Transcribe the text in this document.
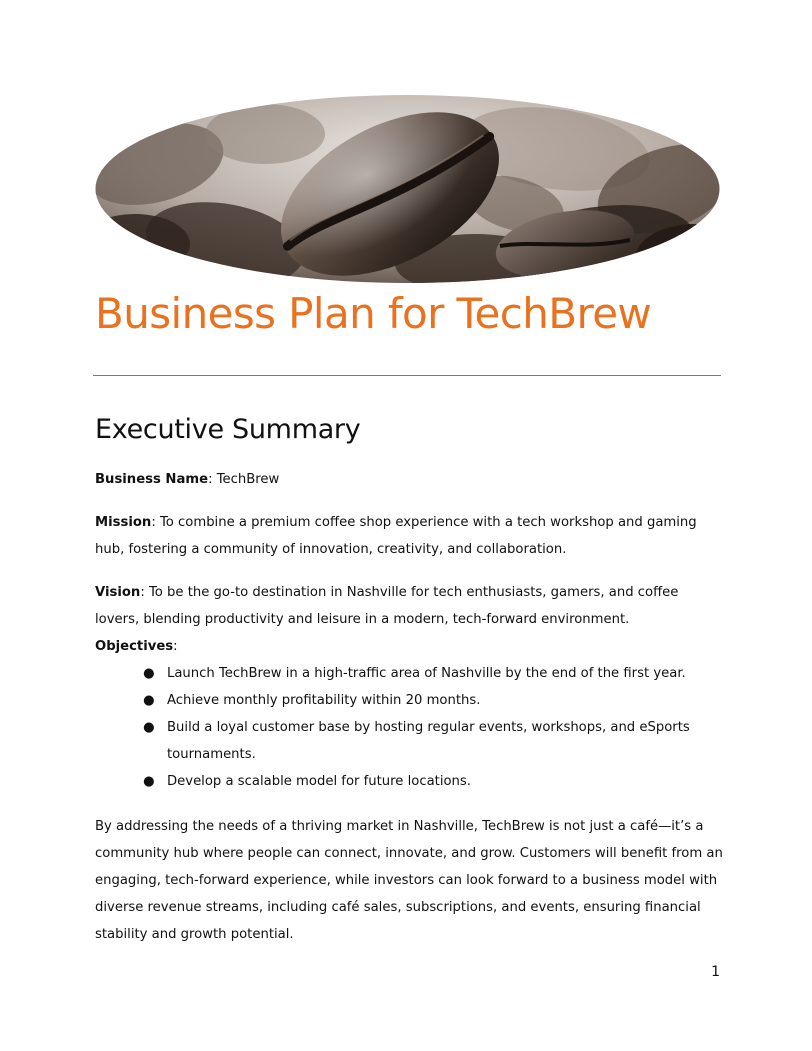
Business Plan for TechBrew
Executive Summary

Business Name: TechBrew

Mission: To combine a premium coffee shop experience with a tech workshop and gaming hub, fostering a community of innovation, creativity, and collaboration.

Vision: To be the go-to destination in Nashville for tech enthusiasts, gamers, and coffee lovers, blending productivity and leisure in a modern, tech-forward environment.

Objectives:

● Launch TechBrew in a high-traffic area of Nashville by the end of the first year.
● Achieve monthly profitability within 20 months.
● Build a loyal customer base by hosting regular events, workshops, and eSports tournaments.
● Develop a scalable model for future locations.

By addressing the needs of a thriving market in Nashville, TechBrew is not just a café—it’s a community hub where people can connect, innovate, and grow. Customers will benefit from an engaging, tech-forward experience, while investors can look forward to a business model with diverse revenue streams, including café sales, subscriptions, and events, ensuring financial stability and growth potential.

1
